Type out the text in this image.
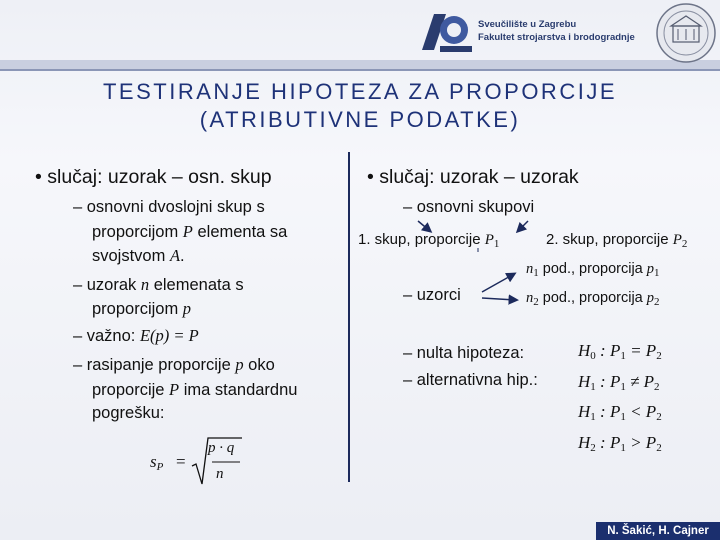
Sveučilište u Zagrebu
Fakultet strojarstva i brodogradnje
TESTIRANJE HIPOTEZA ZA PROPORCIJE
(ATRIBUTIVNE PODATKE)
• slučaj: uzorak – osn. skup
– osnovni dvoslojni skup s
proporcijom P elementa sa
svojstvom A.
– uzorak n elemenata s
proporcijom p
– važno: E(p) = P
– rasipanje proporcije p oko
proporcije P ima standardnu
pogrešku:
$s_P$ =
p · q
n
• slučaj: uzorak – uzorak
– osnovni skupovi
1. skup, proporcije $P_1$	2. skup, proporcije $P_2$
$n_1$ pod., proporcija $p_1$
– uzorci	$n_2$ pod., proporcija $p_2$
– nulta hipoteza:
– alternativna hip.:
$H_0$ : $P_1 = P_2$
$H_1$ : $P_1 \ne P_2$
$H_1$ : $P_1 < P_2$
$H_2$ : $P_1 > P_2$
N. Šakić, H. Cajner
